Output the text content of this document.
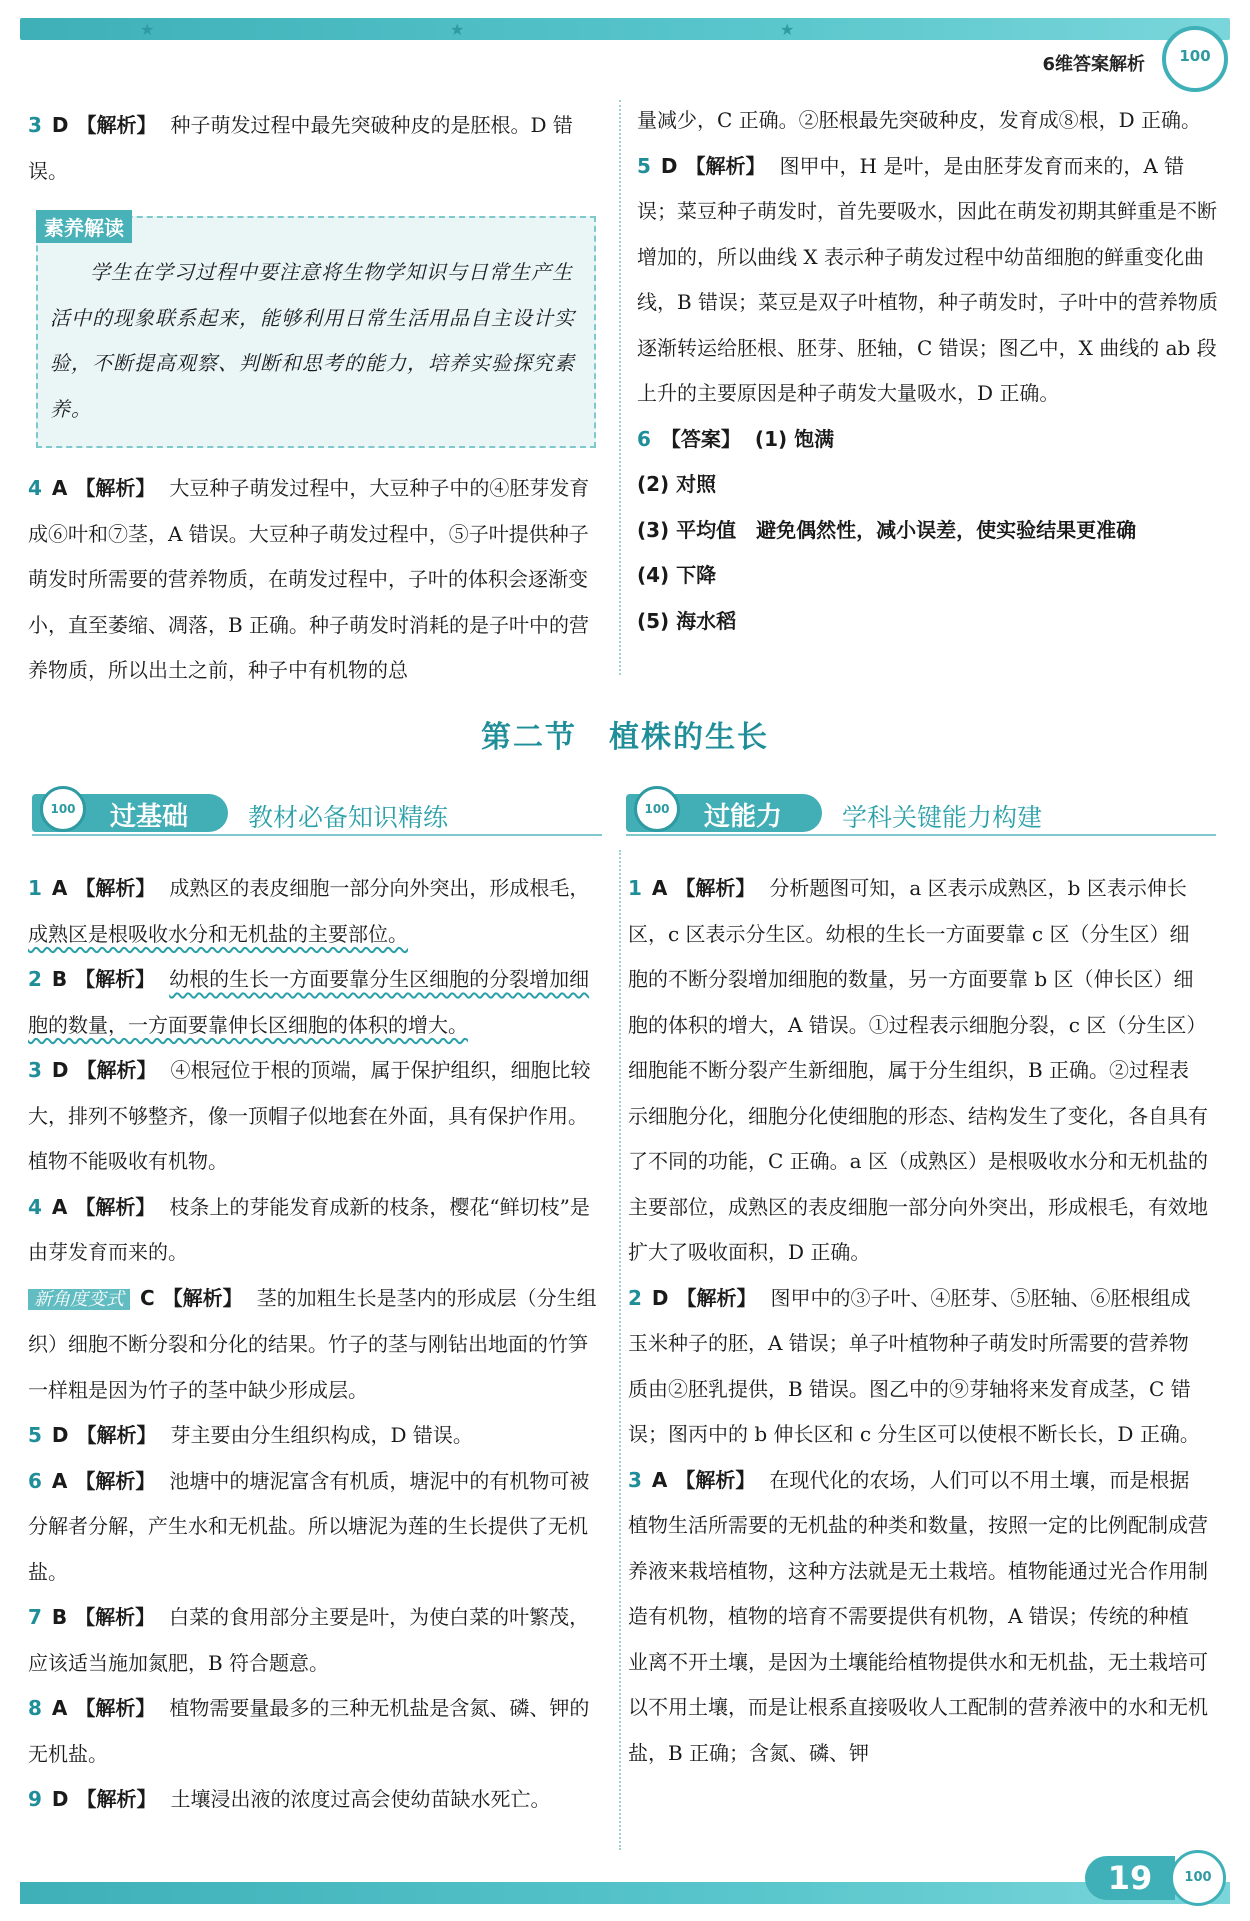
★	★	★
6维答案解析	100

3 D 【解析】 种子萌发过程中最先突破种皮的是胚根。D 错误。

素养解读

学生在学习过程中要注意将生物学知识与日常生产生活中的现象联系起来，能够利用日常生活用品自主设计实验，不断提高观察、判断和思考的能力，培养实验探究素养。

4 A 【解析】 大豆种子萌发过程中，大豆种子中的④胚芽发育成⑥叶和⑦茎，A 错误。大豆种子萌发过程中，⑤子叶提供种子萌发时所需要的营养物质，在萌发过程中，子叶的体积会逐渐变小，直至萎缩、凋落，B 正确。种子萌发时消耗的是子叶中的营养物质，所以出土之前，种子中有机物的总

量减少，C 正确。②胚根最先突破种皮，发育成⑧根，D 正确。

5 D 【解析】 图甲中，H 是叶，是由胚芽发育而来的，A 错误；菜豆种子萌发时，首先要吸水，因此在萌发初期其鲜重是不断增加的，所以曲线 X 表示种子萌发过程中幼苗细胞的鲜重变化曲线，B 错误；菜豆是双子叶植物，种子萌发时，子叶中的营养物质逐渐转运给胚根、胚芽、胚轴，C 错误；图乙中，X 曲线的 ab 段上升的主要原因是种子萌发大量吸水，D 正确。

6 【答案】 (1) 饱满

(2) 对照

(3) 平均值　避免偶然性，减小误差，使实验结果更准确

(4) 下降

(5) 海水稻

第二节　植株的生长
过基础
100	教材必备知识精练	过能力
100	学科关键能力构建

1 A 【解析】 成熟区的表皮细胞一部分向外突出，形成根毛，成熟区是根吸收水分和无机盐的主要部位。

2 B 【解析】 幼根的生长一方面要靠分生区细胞的分裂增加细胞的数量，一方面要靠伸长区细胞的体积的增大。

3 D 【解析】 ④根冠位于根的顶端，属于保护组织，细胞比较大，排列不够整齐，像一顶帽子似地套在外面，具有保护作用。植物不能吸收有机物。

4 A 【解析】 枝条上的芽能发育成新的枝条，樱花“鲜切枝”是由芽发育而来的。

新角度变式 C 【解析】 茎的加粗生长是茎内的形成层（分生组织）细胞不断分裂和分化的结果。竹子的茎与刚钻出地面的竹笋一样粗是因为竹子的茎中缺少形成层。

5 D 【解析】 芽主要由分生组织构成，D 错误。

6 A 【解析】 池塘中的塘泥富含有机质，塘泥中的有机物可被分解者分解，产生水和无机盐。所以塘泥为莲的生长提供了无机盐。

7 B 【解析】 白菜的食用部分主要是叶，为使白菜的叶繁茂，应该适当施加氮肥，B 符合题意。

8 A 【解析】 植物需要量最多的三种无机盐是含氮、磷、钾的无机盐。

9 D 【解析】 土壤浸出液的浓度过高会使幼苗缺水死亡。

1 A 【解析】 分析题图可知，a 区表示成熟区，b 区表示伸长区，c 区表示分生区。幼根的生长一方面要靠 c 区（分生区）细胞的不断分裂增加细胞的数量，另一方面要靠 b 区（伸长区）细胞的体积的增大，A 错误。①过程表示细胞分裂，c 区（分生区）细胞能不断分裂产生新细胞，属于分生组织，B 正确。②过程表示细胞分化，细胞分化使细胞的形态、结构发生了变化，各自具有了不同的功能，C 正确。a 区（成熟区）是根吸收水分和无机盐的主要部位，成熟区的表皮细胞一部分向外突出，形成根毛，有效地扩大了吸收面积，D 正确。

2 D 【解析】 图甲中的③子叶、④胚芽、⑤胚轴、⑥胚根组成玉米种子的胚，A 错误；单子叶植物种子萌发时所需要的营养物质由②胚乳提供，B 错误。图乙中的⑨芽轴将来发育成茎，C 错误；图丙中的 b 伸长区和 c 分生区可以使根不断长长，D 正确。

3 A 【解析】 在现代化的农场，人们可以不用土壤，而是根据植物生活所需要的无机盐的种类和数量，按照一定的比例配制成营养液来栽培植物，这种方法就是无土栽培。植物能通过光合作用制造有机物，植物的培育不需要提供有机物，A 错误；传统的种植业离不开土壤，是因为土壤能给植物提供水和无机盐，无土栽培可以不用土壤，而是让根系直接吸收人工配制的营养液中的水和无机盐，B 正确；含氮、磷、钾

19	100
